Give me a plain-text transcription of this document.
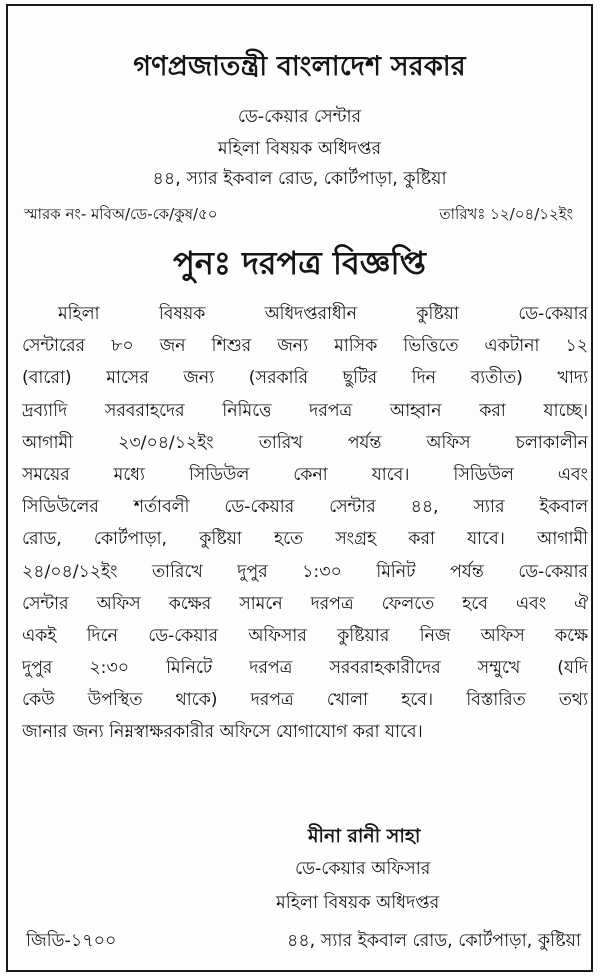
গণপ্রজাতন্ত্রী বাংলাদেশ সরকার
ডে-কেয়ার সেন্টার
মহিলা বিষয়ক অধিদপ্তর
৪৪, স্যার ইকবাল রোড, কোর্টপাড়া, কুষ্টিয়া
স্মারক নং- মবিঅ/ডে-কে/কুষ/৫০	তারিখঃ ১২/০৪/১২ইং
পুনঃ দরপত্র বিজ্ঞপ্তি
মহিলা বিষয়ক অধিদপ্তরাধীন কুষ্টিয়া ডে-কেয়ার
সেন্টারের ৮০ জন শিশুর জন্য মাসিক ভিত্তিতে একটানা ১২
(বারো) মাসের জন্য (সরকারি ছুটির দিন ব্যতীত) খাদ্য
দ্রব্যাদি সরবরাহদের নিমিত্তে দরপত্র আহ্বান করা যাচ্ছে।
আগামী ২৩/০৪/১২ইং তারিখ পর্যন্ত অফিস চলাকালীন
সময়ের মধ্যে সিডিউল কেনা যাবে। সিডিউল এবং
সিডিউলের শর্তাবলী ডে-কেয়ার সেন্টার ৪৪, স্যার ইকবাল
রোড, কোর্টপাড়া, কুষ্টিয়া হতে সংগ্রহ করা যাবে। আগামী
২৪/০৪/১২ইং তারিখে দুপুর ১:৩০ মিনিট পর্যন্ত ডে-কেয়ার
সেন্টার অফিস কক্ষের সামনে দরপত্র ফেলতে হবে এবং ঐ
একই দিনে ডে-কেয়ার অফিসার কুষ্টিয়ার নিজ অফিস কক্ষে
দুপুর ২:৩০ মিনিটে দরপত্র সরবরাহকারীদের সম্মুখে (যদি
কেউ উপস্থিত থাকে) দরপত্র খোলা হবে। বিস্তারিত তথ্য
জানার জন্য নিম্নস্বাক্ষরকারীর অফিসে যোগাযোগ করা যাবে।
মীনা রানী সাহা
ডে-কেয়ার অফিসার
মহিলা বিষয়ক অধিদপ্তর
জিডি-১৭০০	৪৪, স্যার ইকবাল রোড, কোর্টপাড়া, কুষ্টিয়া
